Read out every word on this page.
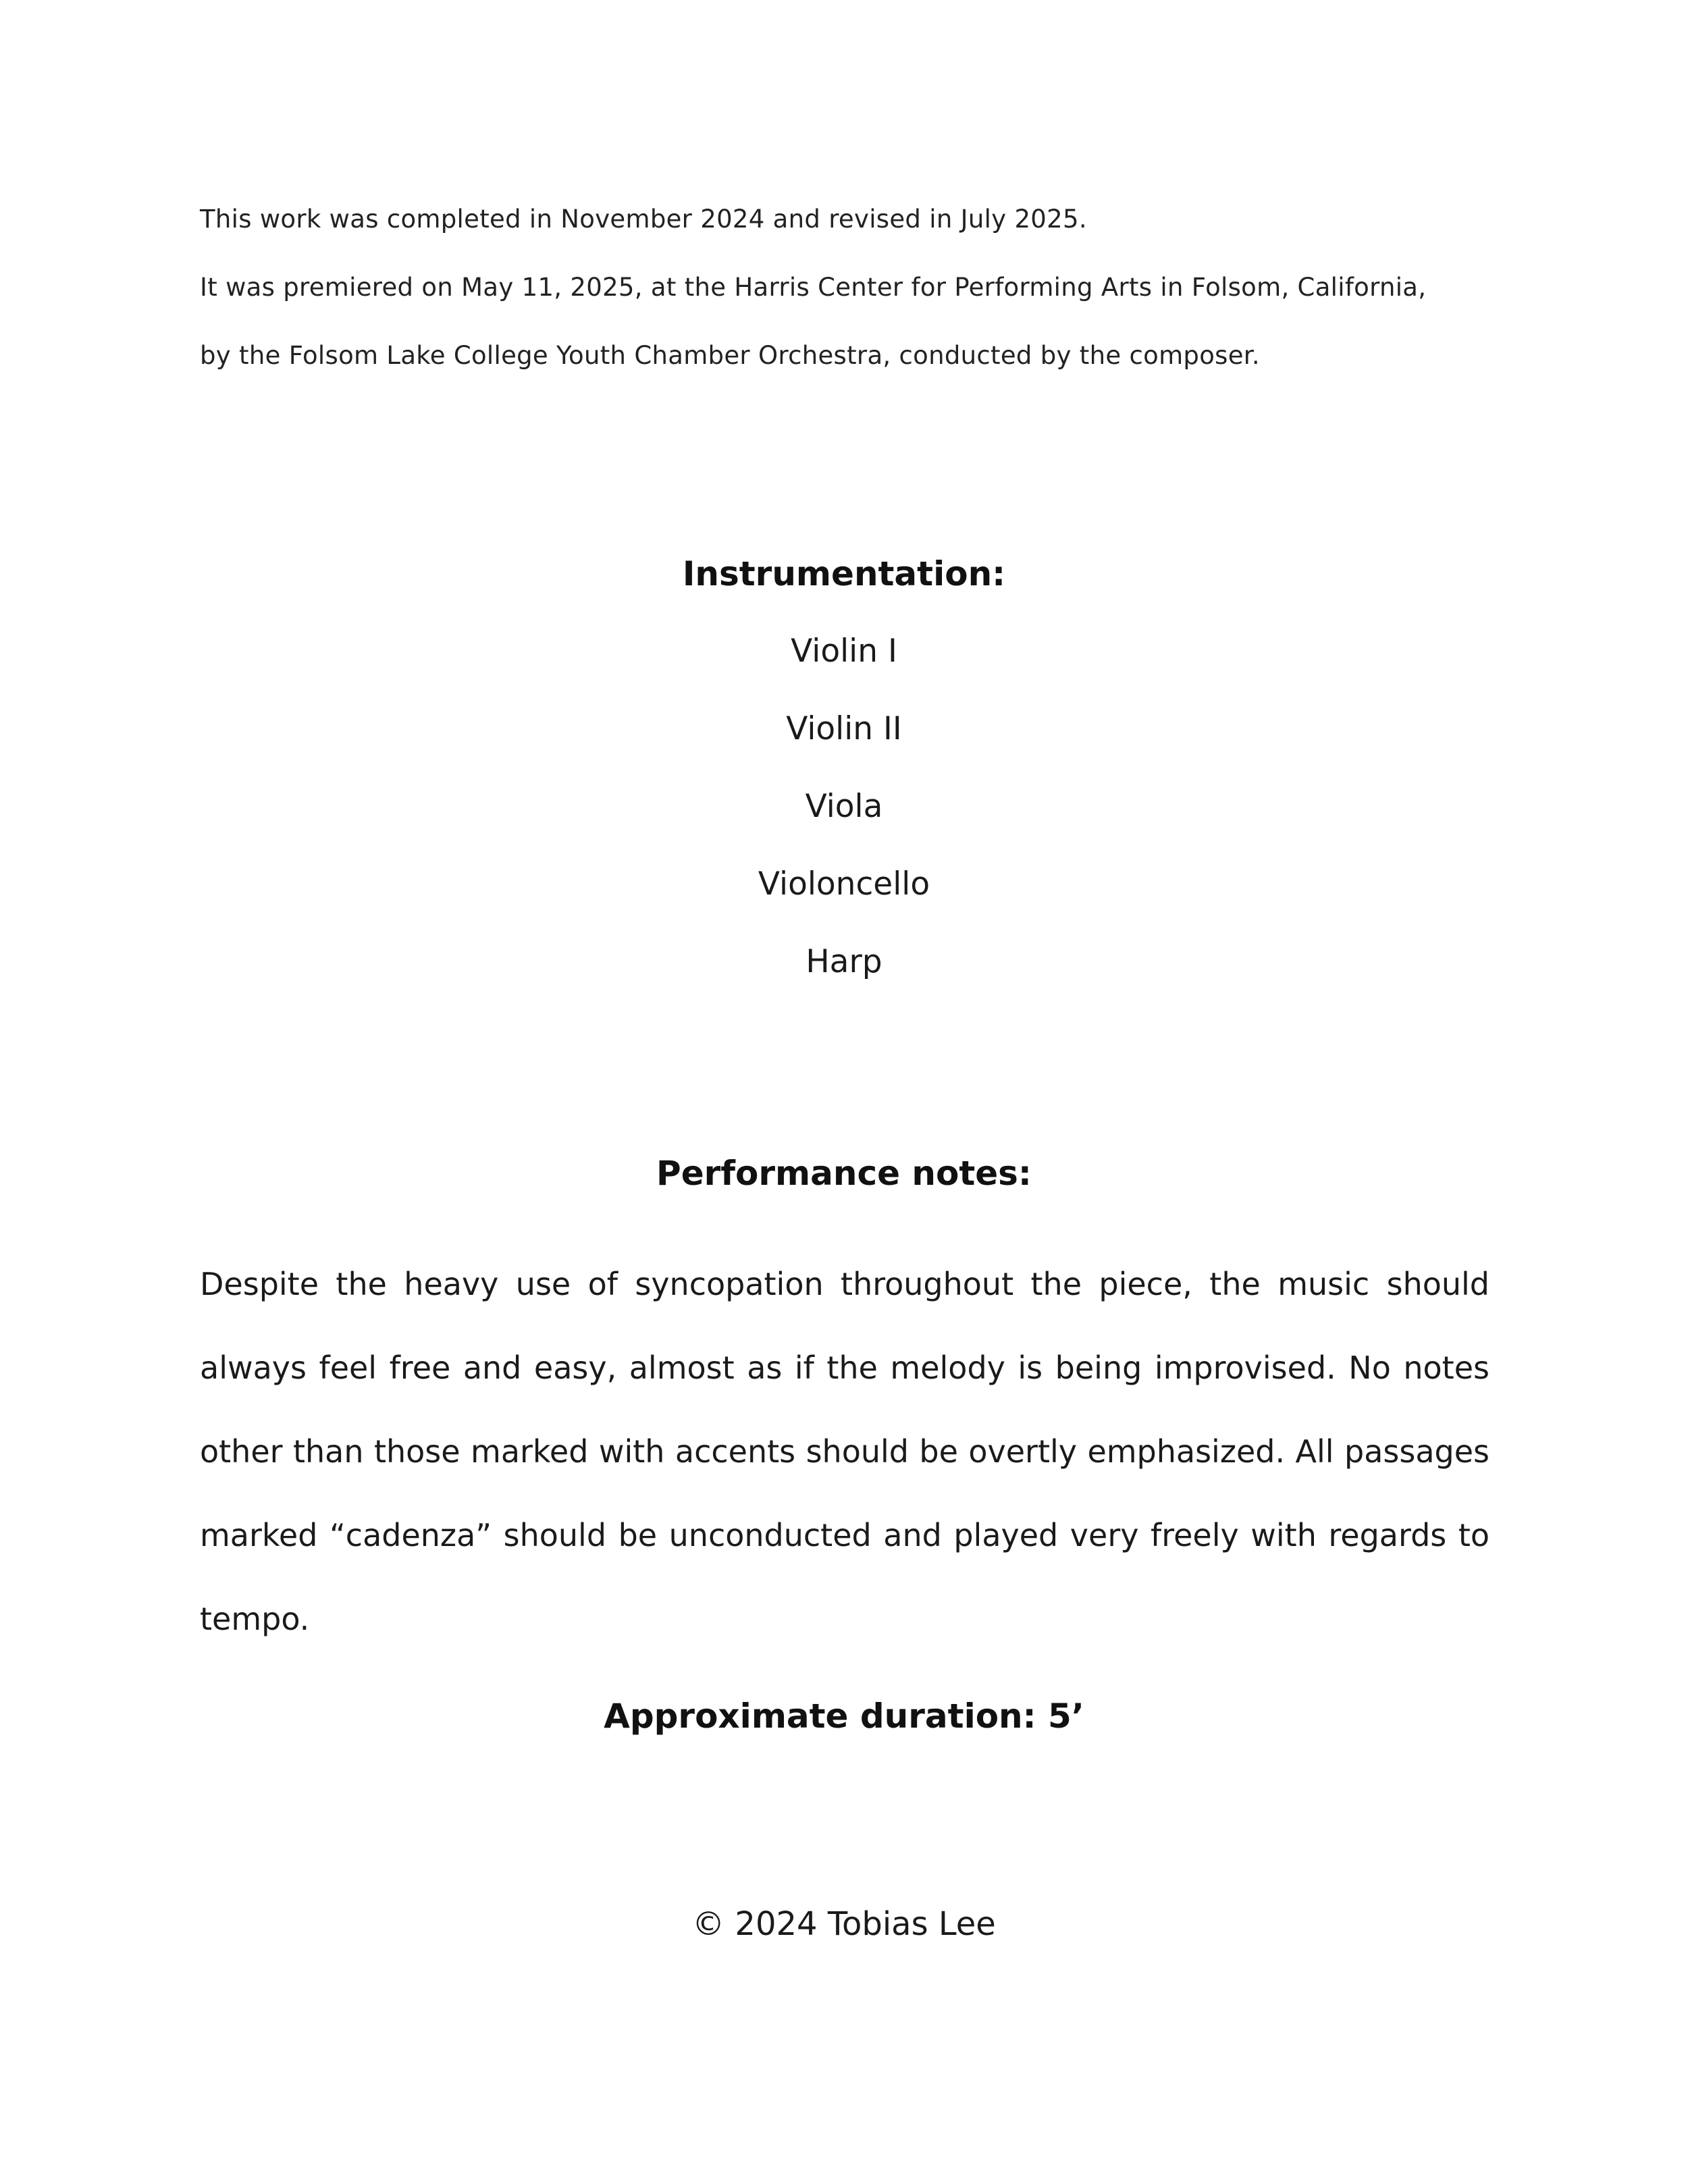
This work was completed in November 2024 and revised in July 2025.
It was premiered on May 11, 2025, at the Harris Center for Performing Arts in Folsom, California,
by the Folsom Lake College Youth Chamber Orchestra, conducted by the composer.
Instrumentation:
Violin I
Violin II
Viola
Violoncello
Harp
Performance notes:

Despite the heavy use of syncopation throughout the piece, the music should always feel free and easy, almost as if the melody is being improvised. No notes other than those marked with accents should be overtly emphasized. All passages marked “cadenza” should be unconducted and played very freely with regards to tempo.

Approximate duration: 5’
© 2024 Tobias Lee
